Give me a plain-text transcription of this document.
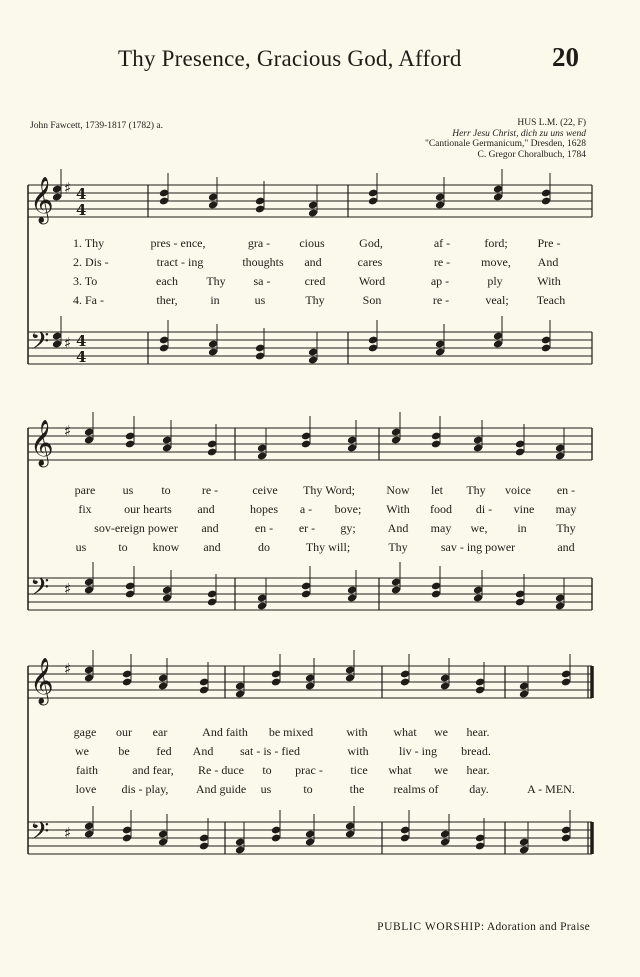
Thy Presence, Gracious God, Afford	20
John Fawcett, 1739-1817 (1782) a.	HUS L.M. (22, F)
Herr Jesu Christ, dich zu uns wend
"Cantionale Germanicum," Dresden, 1628
C. Gregor Choralbuch, 1784
𝄞 ♯ 4
4
𝄢 ♯ 4
4
1. Thy	pres - ence,	gra - cious	God,	af -	ford; Pre -
2. Dis -	tract - ing	thoughts and	cares	re -	move, And
3. To	each Thy sa -	cred	Word	ap -	ply	With
4. Fa -	ther,	in	us	Thy	Son	re -	veal; Teach
𝄞 ♯
𝄢 ♯
pare us to	re -	ceive Thy Word;	Now let Thy voice en -
fix	our hearts and	hopes a - bove; With food di - vine may
sov-ereign power and	en - er - gy;	And may we, in Thy
us	to know and	do	Thy will;	Thy	sav - ing power	and
𝄞 ♯
𝄢 ♯
gage our ear	And faith be mixed	with what we hear.
we be fed And sat - is - fied	with	liv - ing bread.
faith	and fear, Re - duce to prac - tice what we hear.
love dis - play, And guide us	to	the realms of	day.	A - MEN.
PUBLIC WORSHIP: Adoration and Praise
